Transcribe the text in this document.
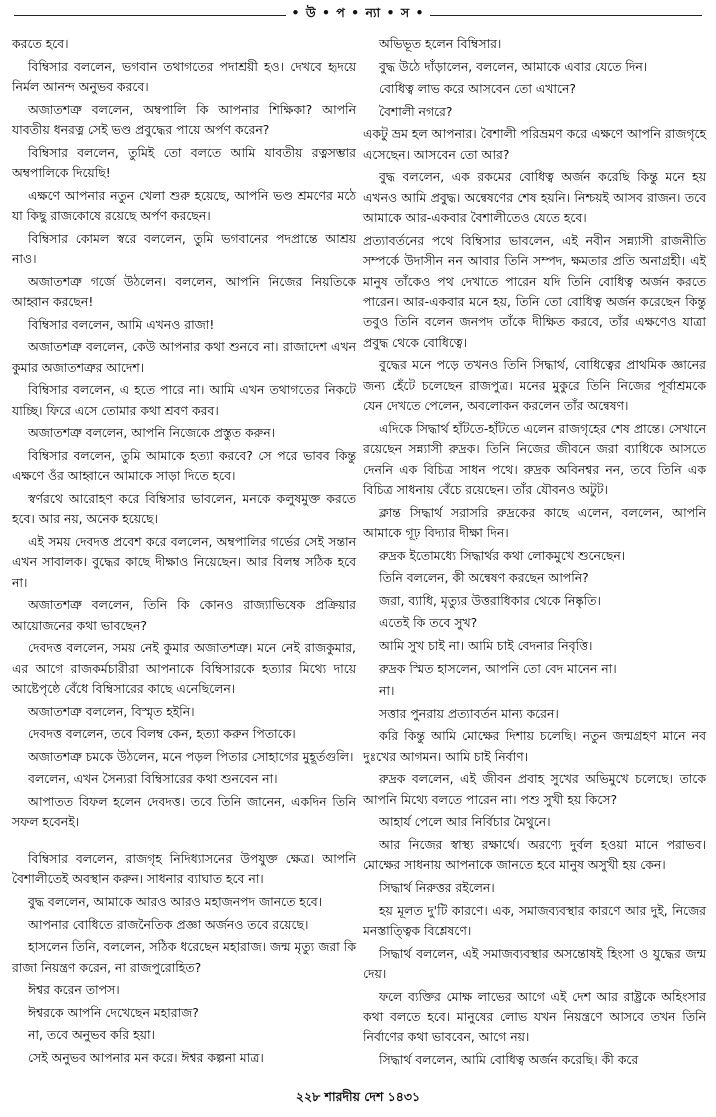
• উ • প • ন্যা • স •

করতে হবে।

বিম্বিসার বললেন, ভগবান তথাগতের পদাশ্রয়ী হও। দেখবে হৃদয়ে নির্মল আনন্দ অনুভব করবে।

অজাতশত্রু বললেন, অম্বপালি কি আপনার শিক্ষিকা? আপনি যাবতীয় ধনরত্ন সেই ভণ্ড প্রবুদ্ধের পায়ে অর্পণ করেন?

বিম্বিসার বললেন, তুমিই তো বলতে আমি যাবতীয় রত্নসম্ভার অম্বপালিকে দিয়েছি!

এক্ষণে আপনার নতুন খেলা শুরু হয়েছে, আপনি ভণ্ড শ্রমণের মঠে যা কিছু রাজকোষে রয়েছে অর্পণ করছেন।

বিম্বিসার কোমল স্বরে বললেন, তুমি ভগবানের পদপ্রান্তে আশ্রয় নাও।

অজাতশত্রু গর্জে উঠলেন। বললেন, আপনি নিজের নিয়তিকে আহ্বান করছেন!

বিম্বিসার বললেন, আমি এখনও রাজা!

অজাতশত্রু বললেন, কেউ আপনার কথা শুনবে না। রাজাদেশ এখন কুমার অজাতশত্রুর আদেশ।

বিম্বিসার বললেন, এ হতে পারে না। আমি এখন তথাগতের নিকটে যাচ্ছি। ফিরে এসে তোমার কথা শ্রবণ করব।

অজাতশত্রু বললেন, আপনি নিজেকে প্রস্তুত করুন।

বিম্বিসার বললেন, তুমি আমাকে হত্যা করবে? সে পরে ভাবব কিন্তু এক্ষণে ওঁর আহ্বানে আমাকে সাড়া দিতে হবে।

স্বর্ণরথে আরোহণ করে বিম্বিসার ভাবলেন, মনকে কলুষমুক্ত করতে হবে। আর নয়, অনেক হয়েছে।

এই সময় দেবদত্ত প্রবেশ করে বললেন, অম্বপালির গর্ভের সেই সন্তান এখন সাবালক। বুদ্ধের কাছে দীক্ষাও নিয়েছেন। আর বিলম্ব সঠিক হবে না।

অজাতশত্রু বললেন, তিনি কি কোনও রাজ্যাভিষেক প্রক্রিয়ার আয়োজনের কথা ভাবছেন?

দেবদত্ত বললেন, সময় নেই কুমার অজাতশত্রু। মনে নেই রাজকুমার, এর আগে রাজকর্মচারীরা আপনাকে বিম্বিসারকে হত্যার মিথ্যে দায়ে আষ্টেপৃষ্ঠে বেঁধে বিম্বিসারের কাছে এনেছিলেন।

অজাতশত্রু বললেন, বিস্মৃত হইনি।

দেবদত্ত বললেন, তবে বিলম্ব কেন, হত্যা করুন পিতাকে।

অজাতশত্রু চমকে উঠলেন, মনে পড়ল পিতার সোহাগের মুহূর্তগুলি।

বললেন, এখন সৈন্যরা বিম্বিসারের কথা শুনবেন না।

আপাতত বিফল হলেন দেবদত্ত। তবে তিনি জানেন, একদিন তিনি সফল হবেনই।

বিম্বিসার বললেন, রাজগৃহ নিদিধ্যাসনের উপযুক্ত ক্ষেত্র। আপনি বৈশালীতেই অবস্থান করুন। সাধনার ব্যাঘাত হবে না।

বুদ্ধ বললেন, আমাকে আরও আরও মহাজনপদ জানতে হবে।

আপনার বোধিতে রাজনৈতিক প্রজ্ঞা অর্জনও তবে রয়েছে।

হাসলেন তিনি, বললেন, সঠিক ধরেছেন মহারাজ। জন্ম মৃত্যু জরা কি রাজা নিয়ন্ত্রণ করেন, না রাজপুরোহিত?

ঈশ্বর করেন তাপস।

ঈশ্বরকে আপনি দেখেছেন মহারাজ?

না, তবে অনুভব করি হয়া।

সেই অনুভব আপনার মন করে। ঈশ্বর কল্পনা মাত্র।

অভিভূত হলেন বিম্বিসার।

বুদ্ধ উঠে দাঁড়ালেন, বললেন, আমাকে এবার যেতে দিন।

বোধিত্ব লাভ করে আসবেন তো এখানে?

বৈশালী নগরে?

একটু ভ্রম হল আপনার। বৈশালী পরিভ্রমণ করে এক্ষণে আপনি রাজগৃহে এসেছেন। আসবেন তো আর?

বুদ্ধ বললেন, এক রকমের বোধিত্ব অর্জন করেছি কিন্তু মনে হয় এখনও আমি প্রবুদ্ধ। অন্বেষণের শেষ হয়নি। নিশ্চয়ই আসব রাজন। তবে আমাকে আর-একবার বৈশালীতেও যেতে হবে।

প্রত্যাবর্তনের পথে বিম্বিসার ভাবলেন, এই নবীন সন্ন্যাসী রাজনীতি সম্পর্কে উদাসীন নন আবার তিনি সম্পদ, ক্ষমতার প্রতি অনাগ্রহী। এই মানুষ তাঁকেও পথ দেখাতে পারেন যদি তিনি বোধিত্ব অর্জন করতে পারেন। আর-একবার মনে হয়, তিনি তো বোধিত্ব অর্জন করেছেন কিন্তু তবুও তিনি বলেন জনপদ তাঁকে দীক্ষিত করবে, তাঁর এক্ষণেও যাত্রা প্রবুদ্ধ থেকে বোধিত্বে।

বুদ্ধের মনে পড়ে তখনও তিনি সিদ্ধার্থ, বোধিত্বের প্রাথমিক জ্ঞানের জন্য হেঁটে চলেছেন রাজপুত্র। মনের মুকুরে তিনি নিজের পূর্বাশ্রমকে যেন দেখতে পেলেন, অবলোকন করলেন তাঁর অন্বেষণ।

এদিকে সিদ্ধার্থ হাঁটতে-হাঁটতে এলেন রাজগৃহের শেষ প্রান্তে। সেখানে রয়েছেন সন্ন্যাসী রুদ্রক। তিনি নিজের জীবনে জরা ব্যাধিকে আসতে দেননি এক বিচিত্র সাধন পথে। রুদ্রক অবিনশ্বর নন, তবে তিনি এক বিচিত্র সাধনায় বেঁচে রয়েছেন। তাঁর যৌবনও অটুট।

ক্লান্ত সিদ্ধার্থ সরাসরি রুদ্রকের কাছে এলেন, বললেন, আপনি আমাকে গূঢ় বিদ্যার দীক্ষা দিন।

রুদ্রক ইতোমধ্যে সিদ্ধার্থর কথা লোকমুখে শুনেছেন।

তিনি বললেন, কী অন্বেষণ করছেন আপনি?

জরা, ব্যাধি, মৃত্যুর উত্তরাধিকার থেকে নিষ্কৃতি।

এতেই কি তবে সুখ?

আমি সুখ চাই না। আমি চাই বেদনার নিবৃত্তি।

রুদ্রক স্মিত হাসলেন, আপনি তো বেদ মানেন না।

না।

সত্তার পুনরায় প্রত্যাবর্তন মান্য করেন।

করি কিন্তু আমি মোক্ষের দিশায় চলেছি। নতুন জন্মগ্রহণ মানে নব দুঃখের আগমন। আমি চাই নির্বাণ।

রুদ্রক বললেন, এই জীবন প্রবাহ সুখের অভিমুখে চলেছে। তাকে আপনি মিথ্যে বলতে পারেন না। পশু সুখী হয় কিসে?

আহার্য পেলে আর নির্বিচার মৈথুনে।

আর নিজের স্বাস্থ্য রক্ষার্থে। অরণ্যে দুর্বল হওয়া মানে পরাভব। মোক্ষের সাধনায় আপনাকে জানতে হবে মানুষ অসুখী হয় কেন।

সিদ্ধার্থ নিরুত্তর রইলেন।

হয় মূলত দু'টি কারণে। এক, সমাজব্যবস্থার কারণে আর দুই, নিজের মনস্তাত্ত্বিক বিশ্লেষণে।

সিদ্ধার্থ বললেন, এই সমাজব্যবস্থার অসন্তোষই হিংসা ও যুদ্ধের জন্ম দেয়।

ফলে ব্যক্তির মোক্ষ লাভের আগে এই দেশ আর রাষ্ট্রকে অহিংসার কথা বলতে হবে। মানুষের লোভ যখন নিয়ন্ত্রণে আসবে তখন তিনি নির্বাণের কথা ভাববেন, আগে নয়।

সিদ্ধার্থ বললেন, আমি বোধিত্ব অর্জন করেছি। কী করে

২২৮ শারদীয় দেশ ১৪৩১
